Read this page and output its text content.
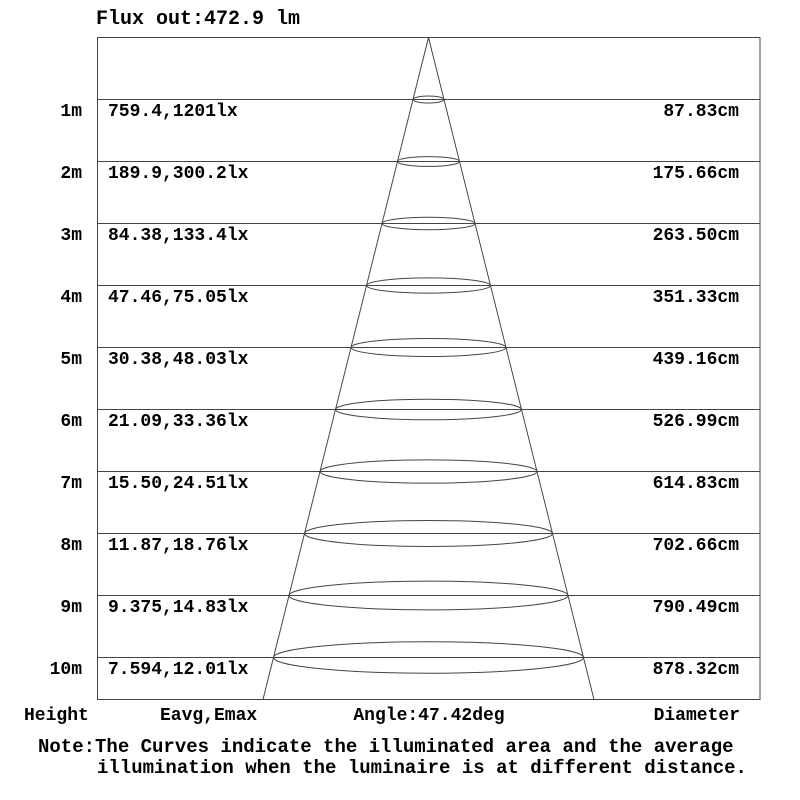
Flux out:472.9 lm
1m 759.4,1201lx	87.83cm
2m 189.9,300.2lx	175.66cm
3m 84.38,133.4lx	263.50cm
4m 47.46,75.05lx	351.33cm
5m 30.38,48.03lx	439.16cm
6m 21.09,33.36lx	526.99cm
7m 15.50,24.51lx	614.83cm
8m 11.87,18.76lx	702.66cm
9m 9.375,14.83lx	790.49cm
10m 7.594,12.01lx	878.32cm
Height	Eavg,Emax	Angle:47.42deg	Diameter
Note:The Curves indicate the illuminated area and the average
illumination when the luminaire is at different distance.
